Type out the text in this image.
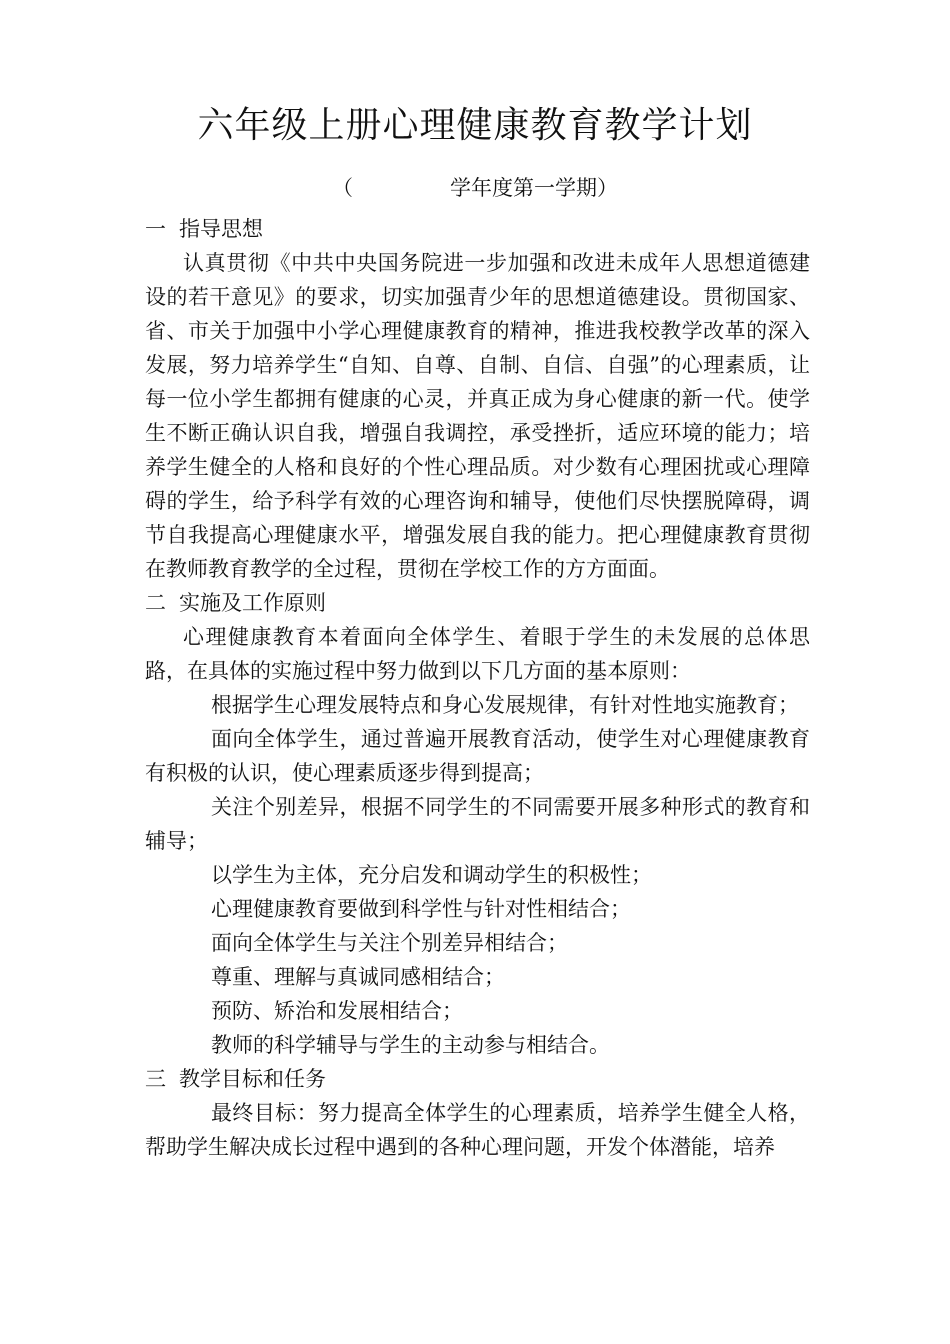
六年级上册心理健康教育教学计划
（	学年度第一学期）

一 指导思想

认真贯彻《中共中央国务院进一步加强和改进未成年人思想道德建设的若干意见》的要求，切实加强青少年的思想道德建设。贯彻国家、省、市关于加强中小学心理健康教育的精神，推进我校教学改革的深入发展，努力培养学生“自知、自尊、自制、自信、自强”的心理素质，让每一位小学生都拥有健康的心灵，并真正成为身心健康的新一代。使学生不断正确认识自我，增强自我调控，承受挫折，适应环境的能力；培养学生健全的人格和良好的个性心理品质。对少数有心理困扰或心理障碍的学生，给予科学有效的心理咨询和辅导，使他们尽快摆脱障碍，调节自我提高心理健康水平，增强发展自我的能力。把心理健康教育贯彻在教师教育教学的全过程，贯彻在学校工作的方方面面。

二 实施及工作原则

心理健康教育本着面向全体学生、着眼于学生的未发展的总体思路，在具体的实施过程中努力做到以下几方面的基本原则：

根据学生心理发展特点和身心发展规律，有针对性地实施教育；

面向全体学生，通过普遍开展教育活动，使学生对心理健康教育有积极的认识，使心理素质逐步得到提高；

关注个别差异，根据不同学生的不同需要开展多种形式的教育和辅导；

以学生为主体，充分启发和调动学生的积极性；

心理健康教育要做到科学性与针对性相结合；

面向全体学生与关注个别差异相结合；

尊重、理解与真诚同感相结合；

预防、矫治和发展相结合；

教师的科学辅导与学生的主动参与相结合。

三 教学目标和任务

最终目标：努力提高全体学生的心理素质，培养学生健全人格，帮助学生解决成长过程中遇到的各种心理问题，开发个体潜能，培养
